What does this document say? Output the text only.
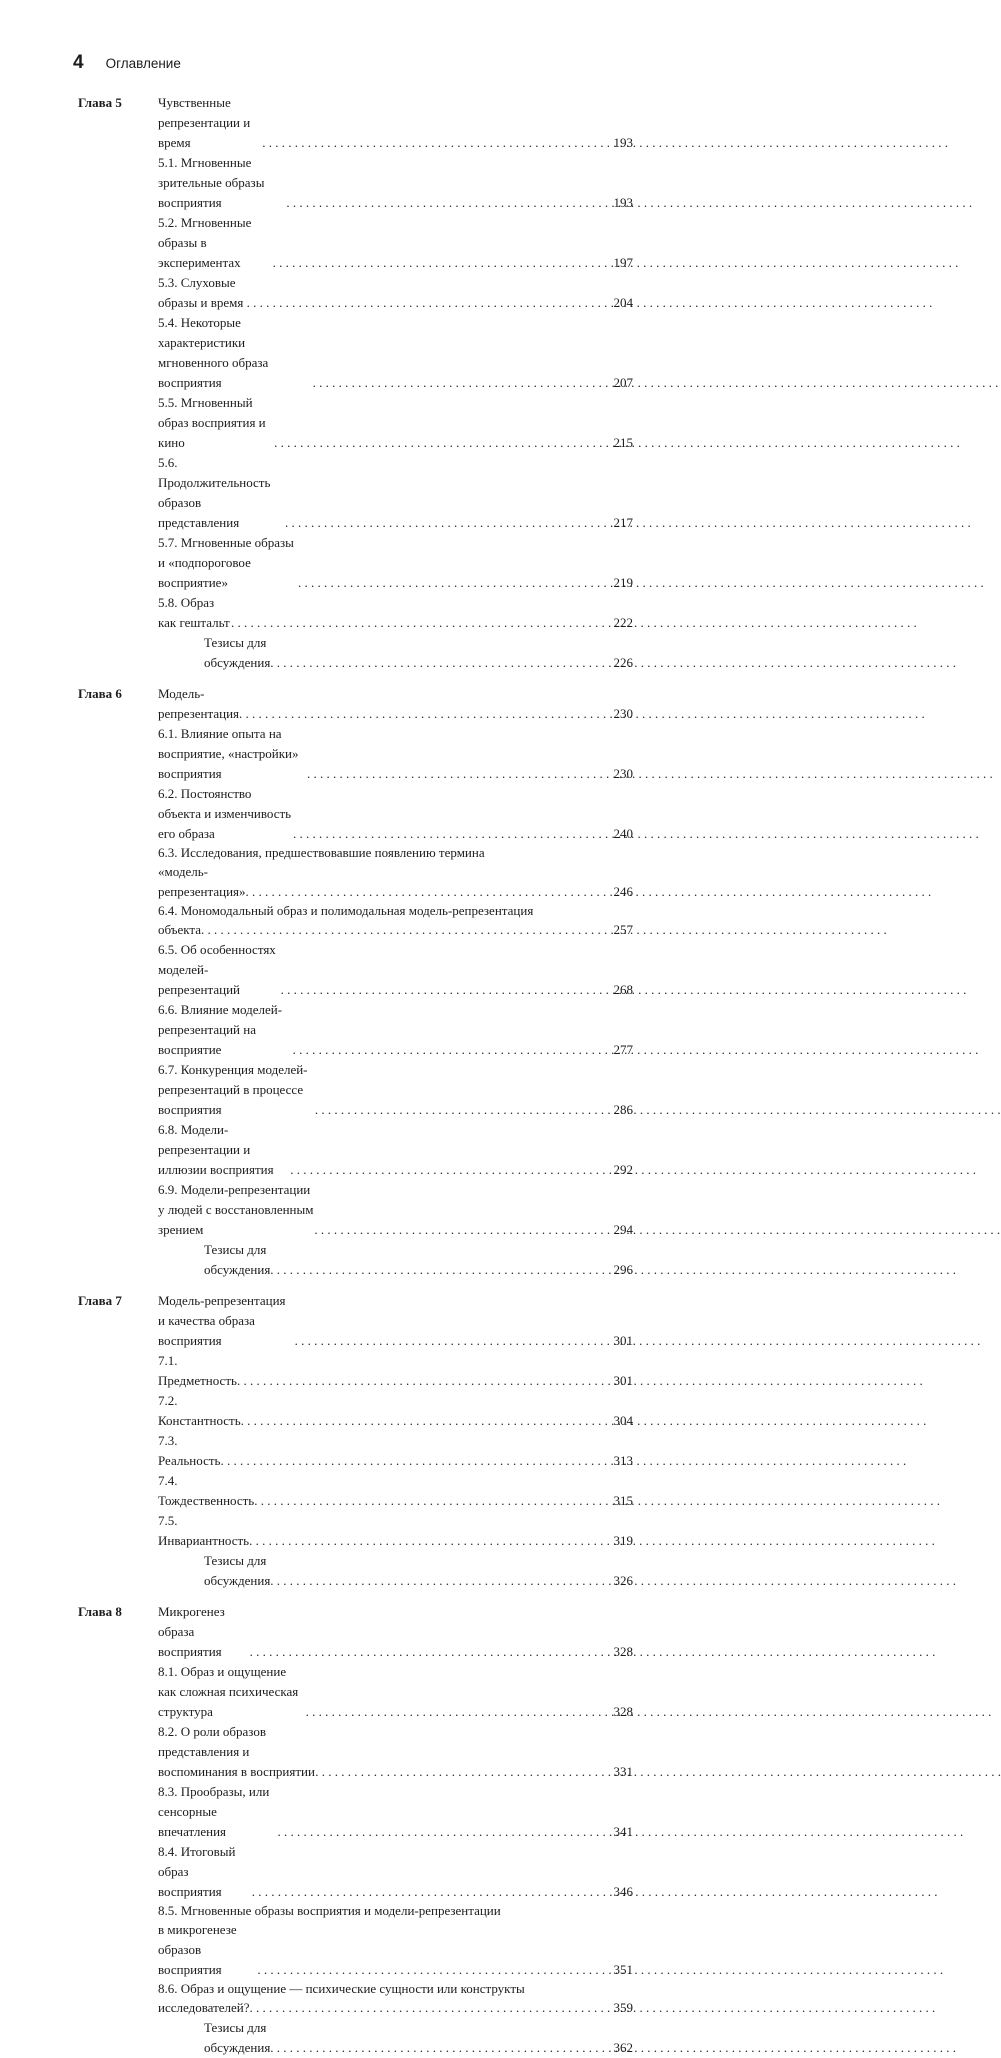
4 Оглавление
Глава 5	Чувственные репрезентации и время . . .	193
5.1. Мгновенные зрительные образы восприятия . . .	193
5.2. Мгновенные образы в экспериментах . . .	197
5.3. Слуховые образы и время . . .	204
5.4. Некоторые характеристики мгновенного образа восприятия . . .	207
5.5. Мгновенный образ восприятия и кино . . .	215
5.6. Продолжительность образов представления . . .	217
5.7. Мгновенные образы и «подпороговое восприятие» . . .	219
5.8. Образ как гештальт . . .	222
Тезисы для обсуждения . . .	226
Глава 6	Модель-репрезентация . . .	230
6.1. Влияние опыта на восприятие, «настройки» восприятия . . .	230
6.2. Постоянство объекта и изменчивость его образа . . .	240
6.3. Исследования, предшествовавшие появлению термина
«модель-репрезентация» . . .	246
6.4. Мономодальный образ и полимодальная модель-репрезентация
объекта . . .	257
6.5. Об особенностях моделей-репрезентаций . . .	268
6.6. Влияние моделей-репрезентаций на восприятие . . .	277
6.7. Конкуренция моделей-репрезентаций в процессе восприятия . . .	286
6.8. Модели-репрезентации и иллюзии восприятия . . .	292
6.9. Модели-репрезентации у людей с восстановленным зрением . . .	294
Тезисы для обсуждения . . .	296
Глава 7	Модель-репрезентация и качества образа восприятия . . .	301
7.1. Предметность . . .	301
7.2. Константность . . .	304
7.3. Реальность . . .	313
7.4. Тождественность . . .	315
7.5. Инвариантность . . .	319
Тезисы для обсуждения . . .	326
Глава 8	Микрогенез образа восприятия . . .	328
8.1. Образ и ощущение как сложная психическая структура . . .	328
8.2. О роли образов представления и воспоминания в восприятии . . .	331
8.3. Прообразы, или сенсорные впечатления . . .	341
8.4. Итоговый образ восприятия . . .	346
8.5. Мгновенные образы восприятия и модели-репрезентации
в микрогенезе образов восприятия . . .	351
8.6. Образ и ощущение — психические сущности или конструкты
исследователей? . . .	359
Тезисы для обсуждения . . .	362
